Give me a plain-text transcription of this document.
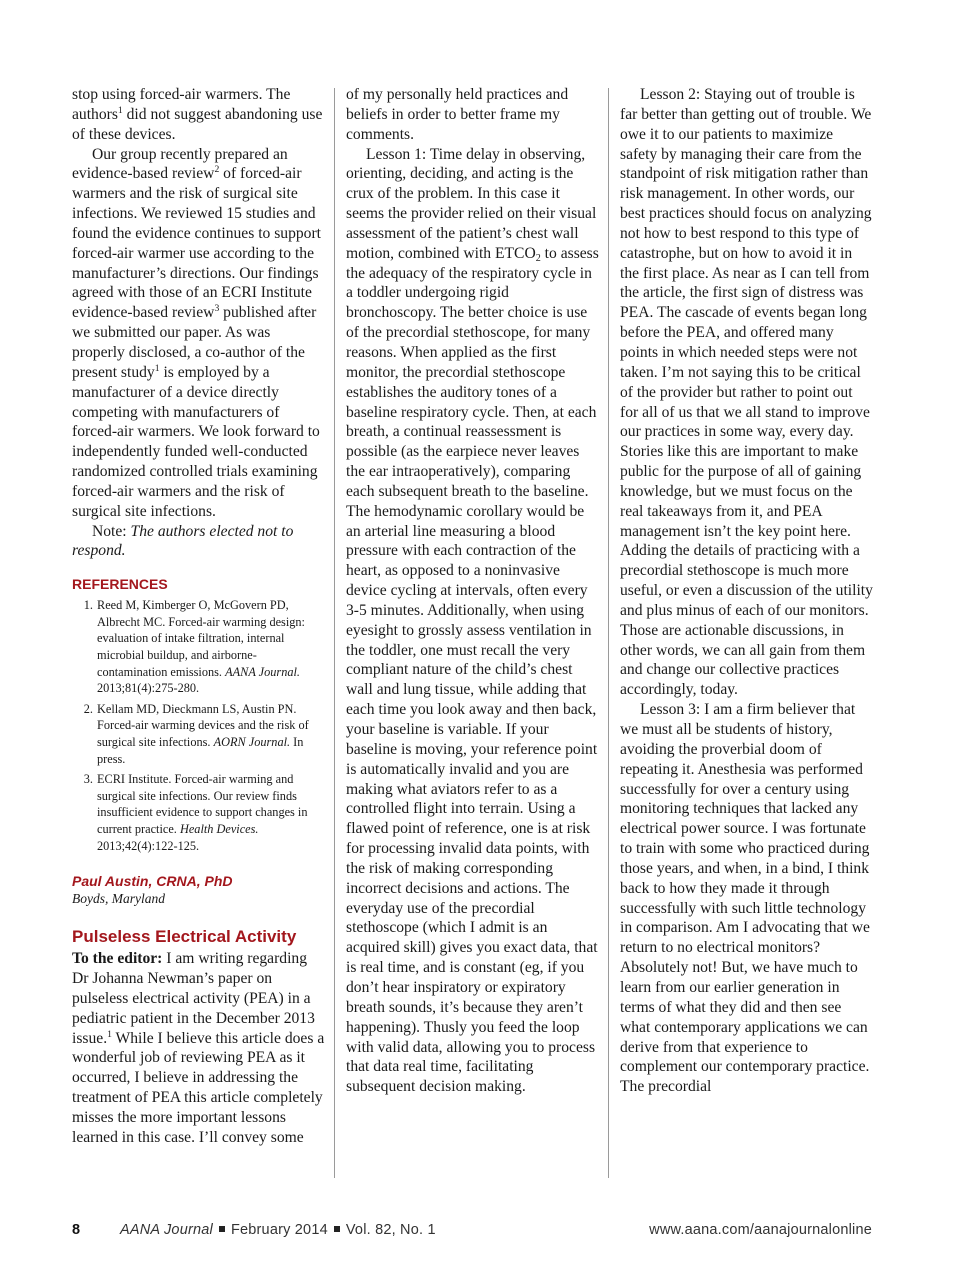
stop using forced-air warmers. The authors$^1$ did not suggest abandoning use of these devices.

Our group recently prepared an evidence-based review$^2$ of forced-air warmers and the risk of surgical site infections. We reviewed 15 studies and found the evidence continues to support forced-air warmer use according to the manufacturer’s directions. Our findings agreed with those of an ECRI Institute evidence-based review$^3$ published after we submitted our paper. As was properly disclosed, a co-author of the present study$^1$ is employed by a manufacturer of a device directly competing with manufacturers of forced-air warmers. We look forward to independently funded well-conducted randomized controlled trials examining forced-air warmers and the risk of surgical site infections.

Note: The authors elected not to respond.

REFERENCES
1. Reed M, Kimberger O, McGovern PD, Albrecht MC. Forced-air warming design: evaluation of intake filtration, internal microbial buildup, and airborne-contamination emissions. AANA Journal. 2013;81(4):275-280.
2. Kellam MD, Dieckmann LS, Austin PN. Forced-air warming devices and the risk of surgical site infections. AORN Journal. In press.
3. ECRI Institute. Forced-air warming and surgical site infections. Our review finds insufficient evidence to support changes in current practice. Health Devices. 2013;42(4):122-125.
Paul Austin, CRNA, PhD
Boyds, Maryland
Pulseless Electrical Activity

To the editor: I am writing regarding Dr Johanna Newman’s paper on pulseless electrical activity (PEA) in a pediatric patient in the December 2013 issue.$^1$ While I believe this article does a wonderful job of reviewing PEA as it occurred, I believe in addressing the treatment of PEA this article completely misses the more important lessons learned in this case. I’ll convey some

of my personally held practices and beliefs in order to better frame my comments.

Lesson 1: Time delay in observing, orienting, deciding, and acting is the crux of the problem. In this case it seems the provider relied on their visual assessment of the patient’s chest wall motion, combined with $ETCO_2$ to assess the adequacy of the respiratory cycle in a toddler undergoing rigid bronchoscopy. The better choice is use of the precordial stethoscope, for many reasons. When applied as the first monitor, the precordial stethoscope establishes the auditory tones of a baseline respiratory cycle. Then, at each breath, a continual reassessment is possible (as the earpiece never leaves the ear intraoperatively), comparing each subsequent breath to the baseline. The hemodynamic corollary would be an arterial line measuring a blood pressure with each contraction of the heart, as opposed to a noninvasive device cycling at intervals, often every 3-5 minutes. Additionally, when using eyesight to grossly assess ventilation in the toddler, one must recall the very compliant nature of the child’s chest wall and lung tissue, while adding that each time you look away and then back, your baseline is variable. If your baseline is moving, your reference point is automatically invalid and you are making what aviators refer to as a controlled flight into terrain. Using a flawed point of reference, one is at risk for processing invalid data points, with the risk of making corresponding incorrect decisions and actions. The everyday use of the precordial stethoscope (which I admit is an acquired skill) gives you exact data, that is real time, and is constant (eg, if you don’t hear inspiratory or expiratory breath sounds, it’s because they aren’t happening). Thusly you feed the loop with valid data, allowing you to process that data real time, facilitating subsequent decision making.

Lesson 2: Staying out of trouble is far better than getting out of trouble. We owe it to our patients to maximize safety by managing their care from the standpoint of risk mitigation rather than risk management. In other words, our best practices should focus on analyzing not how to best respond to this type of catastrophe, but on how to avoid it in the first place. As near as I can tell from the article, the first sign of distress was PEA. The cascade of events began long before the PEA, and offered many points in which needed steps were not taken. I’m not saying this to be critical of the provider but rather to point out for all of us that we all stand to improve our practices in some way, every day. Stories like this are important to make public for the purpose of all of gaining knowledge, but we must focus on the real takeaways from it, and PEA management isn’t the key point here. Adding the details of practicing with a precordial stethoscope is much more useful, or even a discussion of the utility and plus minus of each of our monitors. Those are actionable discussions, in other words, we can all gain from them and change our collective practices accordingly, today.

Lesson 3: I am a firm believer that we must all be students of history, avoiding the proverbial doom of repeating it. Anesthesia was performed successfully for over a century using monitoring techniques that lacked any electrical power source. I was fortunate to train with some who practiced during those years, and when, in a bind, I think back to how they made it through successfully with such little technology in comparison. Am I advocating that we return to no electrical monitors? Absolutely not! But, we have much to learn from our earlier generation in terms of what they did and then see what contemporary applications we can derive from that experience to complement our contemporary practice. The precordial

8	AANA Journal February 2014 Vol. 82, No. 1	www.aana.com/aanajournalonline
